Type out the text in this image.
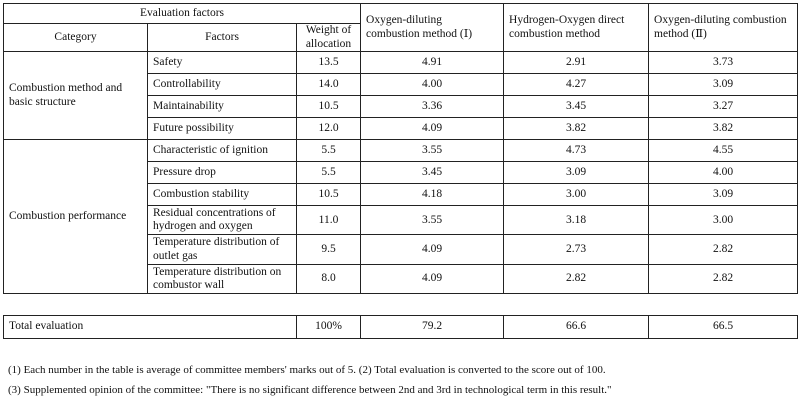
Evaluation factors			Oxygen-diluting combustion method (Ⅰ)	Hydrogen-Oxygen direct combustion method	Oxygen-diluting combustion method (Ⅱ)
Category	Factors	Weight of allocation			
Combustion method and basic structure	Safety	13.5	4.91	2.91	3.73
	Controllability	14.0	4.00	4.27	3.09
	Maintainability	10.5	3.36	3.45	3.27
	Future possibility	12.0	4.09	3.82	3.82
Combustion performance	Characteristic of ignition	5.5	3.55	4.73	4.55
	Pressure drop	5.5	3.45	3.09	4.00
	Combustion stability	10.5	4.18	3.00	3.09
	Residual concentrations of hydrogen and oxygen	11.0	3.55	3.18	3.00
	Temperature distribution of outlet gas	9.5	4.09	2.73	2.82
	Temperature distribution on combustor wall	8.0	4.09	2.82	2.82
Total evaluation	100%	79.2	66.6	66.5
(1) Each number in the table is average of committee members' marks out of 5. (2) Total evaluation is converted to the score out of 100.
(3) Supplemented opinion of the committee: "There is no significant difference between 2nd and 3rd in technological term in this result."
